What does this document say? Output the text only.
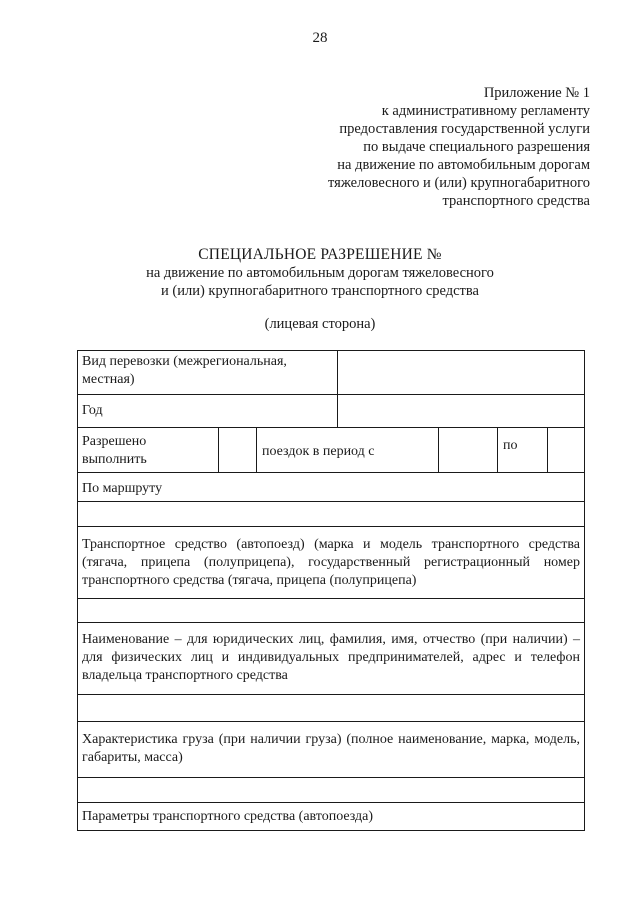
28
Приложение № 1
к административному регламенту
предоставления государственной услуги
по выдаче специального разрешения
на движение по автомобильным дорогам
тяжеловесного и (или) крупногабаритного
транспортного средства
СПЕЦИАЛЬНОЕ РАЗРЕШЕНИЕ №
на движение по автомобильным дорогам тяжеловесного
и (или) крупногабаритного транспортного средства
(лицевая сторона)
Вид перевозки (межрегиональная, местная)
Год
Разрешено выполнить
поездок в период с	по
По маршруту
Транспортное средство (автопоезд) (марка и модель транспортного средства (тягача, прицепа (полуприцепа), государственный регистрационный номер транспортного средства (тягача, прицепа (полуприцепа)
Наименование – для юридических лиц, фамилия, имя, отчество (при наличии) – для физических лиц и индивидуальных предпринимателей, адрес и телефон владельца транспортного средства
Характеристика груза (при наличии груза) (полное наименование, марка, модель, габариты, масса)
Параметры транспортного средства (автопоезда)
